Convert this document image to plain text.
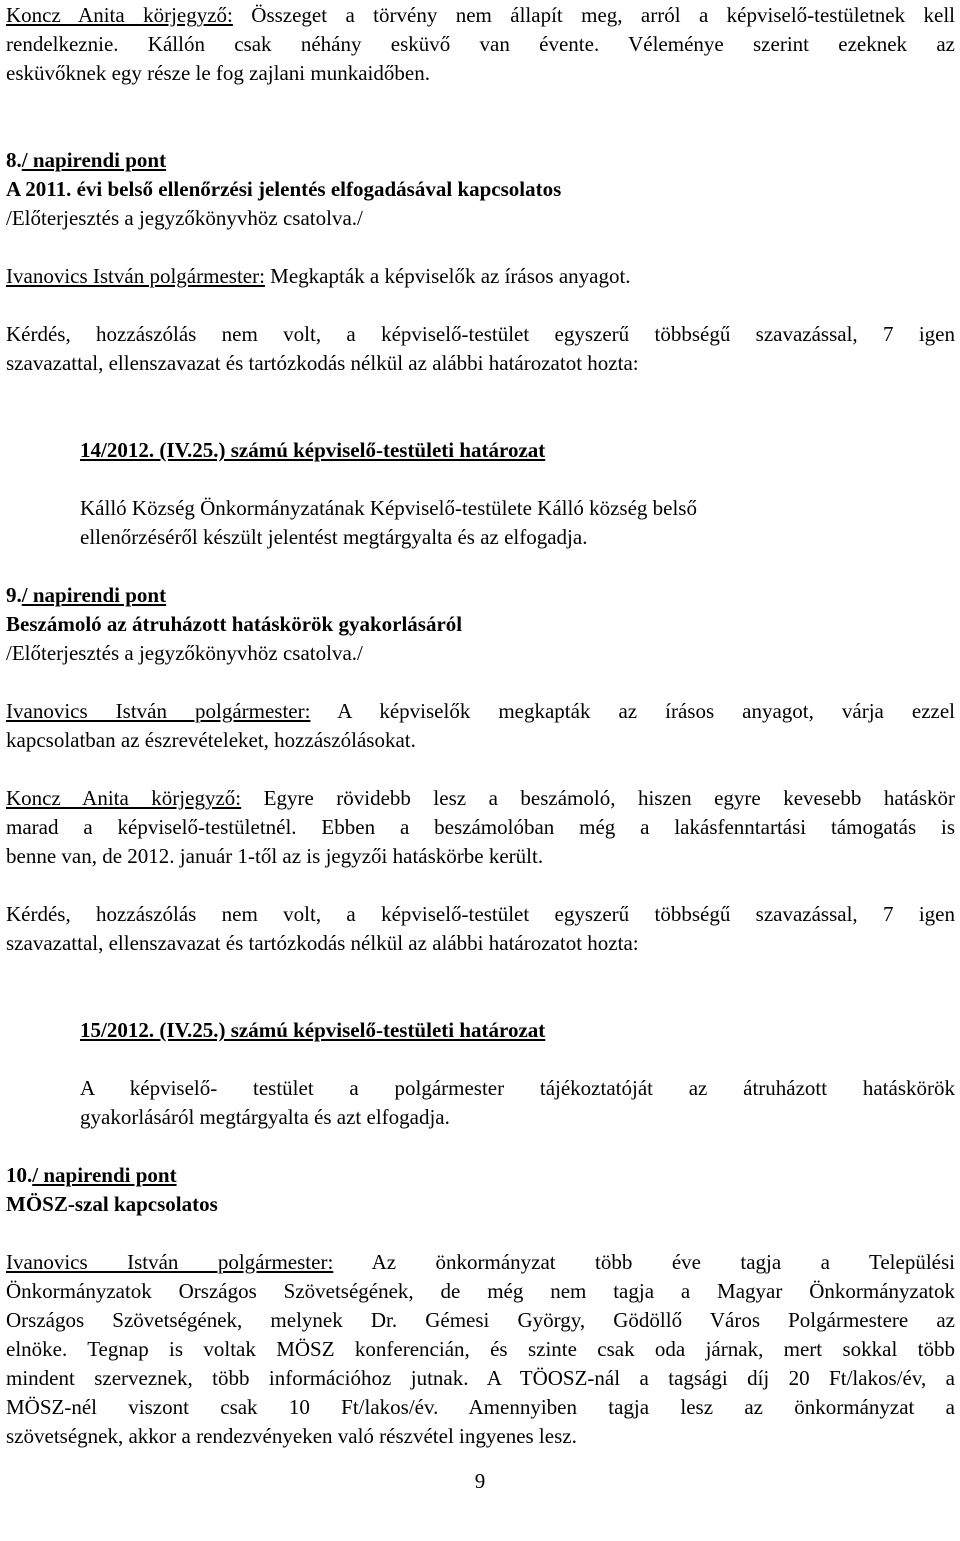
Koncz Anita körjegyző: Összeget a törvény nem állapít meg, arról a képviselő-testületnek kell
rendelkeznie. Kállón csak néhány esküvő van évente. Véleménye szerint ezeknek az
esküvőknek egy része le fog zajlani munkaidőben.
8./ napirendi pont
A 2011. évi belső ellenőrzési jelentés elfogadásával kapcsolatos
/Előterjesztés a jegyzőkönyvhöz csatolva./
Ivanovics István polgármester: Megkapták a képviselők az írásos anyagot.
Kérdés, hozzászólás nem volt, a képviselő-testület egyszerű többségű szavazással, 7 igen
szavazattal, ellenszavazat és tartózkodás nélkül az alábbi határozatot hozta:
14/2012. (IV.25.) számú képviselő-testületi határozat
Kálló Község Önkormányzatának Képviselő-testülete Kálló község belső
ellenőrzéséről készült jelentést megtárgyalta és az elfogadja.
9./ napirendi pont
Beszámoló az átruházott hatáskörök gyakorlásáról
/Előterjesztés a jegyzőkönyvhöz csatolva./
Ivanovics István polgármester: A képviselők megkapták az írásos anyagot, várja ezzel
kapcsolatban az észrevételeket, hozzászólásokat.
Koncz Anita körjegyző: Egyre rövidebb lesz a beszámoló, hiszen egyre kevesebb hatáskör
marad a képviselő-testületnél. Ebben a beszámolóban még a lakásfenntartási támogatás is
benne van, de 2012. január 1-től az is jegyzői hatáskörbe került.
Kérdés, hozzászólás nem volt, a képviselő-testület egyszerű többségű szavazással, 7 igen
szavazattal, ellenszavazat és tartózkodás nélkül az alábbi határozatot hozta:
15/2012. (IV.25.) számú képviselő-testületi határozat
A képviselő- testület a polgármester tájékoztatóját az átruházott hatáskörök
gyakorlásáról megtárgyalta és azt elfogadja.
10./ napirendi pont
MÖSZ-szal kapcsolatos
Ivanovics István polgármester: Az önkormányzat több éve tagja a Települési
Önkormányzatok Országos Szövetségének, de még nem tagja a Magyar Önkormányzatok
Országos Szövetségének, melynek Dr. Gémesi György, Gödöllő Város Polgármestere az
elnöke. Tegnap is voltak MÖSZ konferencián, és szinte csak oda járnak, mert sokkal több
mindent szerveznek, több információhoz jutnak. A TÖOSZ-nál a tagsági díj 20 Ft/lakos/év, a
MÖSZ-nél viszont csak 10 Ft/lakos/év. Amennyiben tagja lesz az önkormányzat a
szövetségnek, akkor a rendezvényeken való részvétel ingyenes lesz.
9
